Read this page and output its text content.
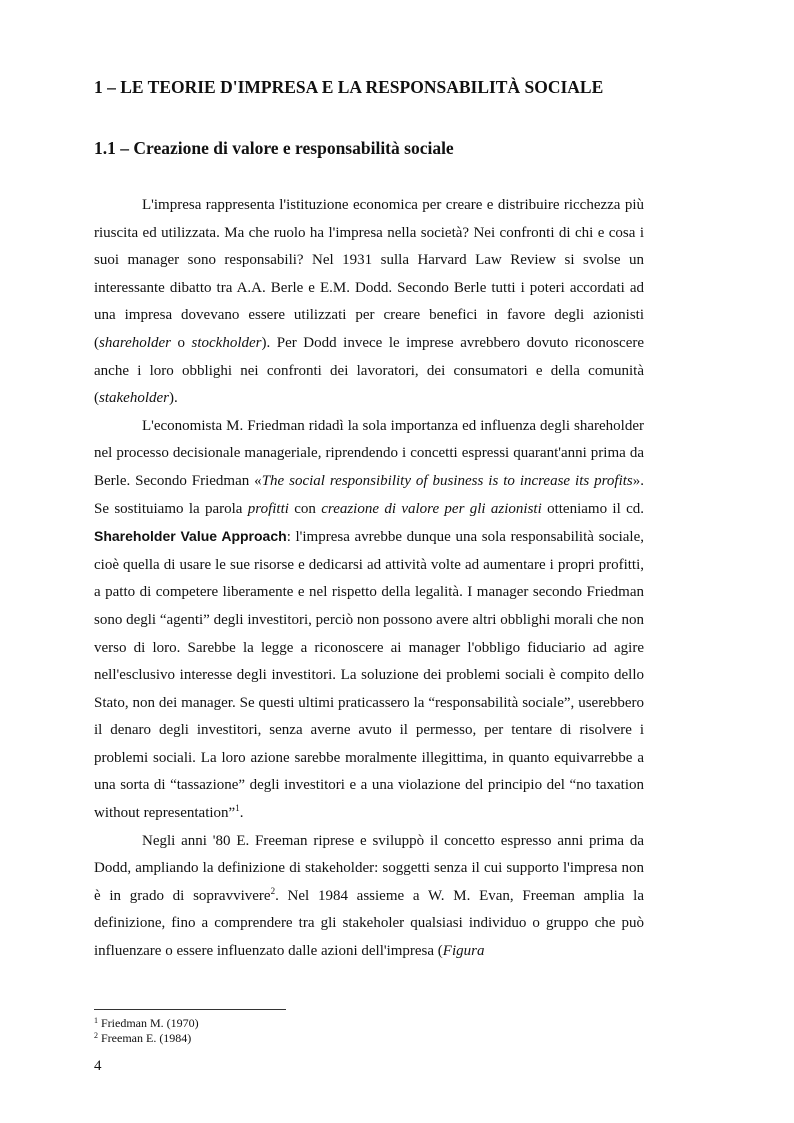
1 – LE TEORIE D'IMPRESA E LA RESPONSABILITÀ SOCIALE
1.1 – Creazione di valore e responsabilità sociale

L'impresa rappresenta l'istituzione economica per creare e distribuire ricchezza più riuscita ed utilizzata. Ma che ruolo ha l'impresa nella società? Nei confronti di chi e cosa i suoi manager sono responsabili? Nel 1931 sulla Harvard Law Review si svolse un interessante dibatto tra A.A. Berle e E.M. Dodd. Secondo Berle tutti i poteri accordati ad una impresa dovevano essere utilizzati per creare benefici in favore degli azionisti (shareholder o stockholder). Per Dodd invece le imprese avrebbero dovuto riconoscere anche i loro obblighi nei confronti dei lavoratori, dei consumatori e della comunità (stakeholder).

L'economista M. Friedman ridadì la sola importanza ed influenza degli shareholder nel processo decisionale manageriale, riprendendo i concetti espressi quarant'anni prima da Berle. Secondo Friedman «The social responsibility of business is to increase its profits». Se sostituiamo la parola profitti con creazione di valore per gli azionisti otteniamo il cd. Shareholder Value Approach: l'impresa avrebbe dunque una sola responsabilità sociale, cioè quella di usare le sue risorse e dedicarsi ad attività volte ad aumentare i propri profitti, a patto di competere liberamente e nel rispetto della legalità. I manager secondo Friedman sono degli “agenti” degli investitori, perciò non possono avere altri obblighi morali che non verso di loro. Sarebbe la legge a riconoscere ai manager l'obbligo fiduciario ad agire nell'esclusivo interesse degli investitori. La soluzione dei problemi sociali è compito dello Stato, non dei manager. Se questi ultimi praticassero la “responsabilità sociale”, userebbero il denaro degli investitori, senza averne avuto il permesso, per tentare di risolvere i problemi sociali. La loro azione sarebbe moralmente illegittima, in quanto equivarrebbe a una sorta di “tassazione” degli investitori e a una violazione del principio del “no taxation without representation”$^1$.

Negli anni '80 E. Freeman riprese e sviluppò il concetto espresso anni prima da Dodd, ampliando la definizione di stakeholder: soggetti senza il cui supporto l'impresa non è in grado di sopravvivere$^2$. Nel 1984 assieme a W. M. Evan, Freeman amplia la definizione, fino a comprendere tra gli stakeholer qualsiasi individuo o gruppo che può influenzare o essere influenzato dalle azioni dell'impresa (Figura

$^1$ Friedman M. (1970)
$^2$ Freeman E. (1984)
4
